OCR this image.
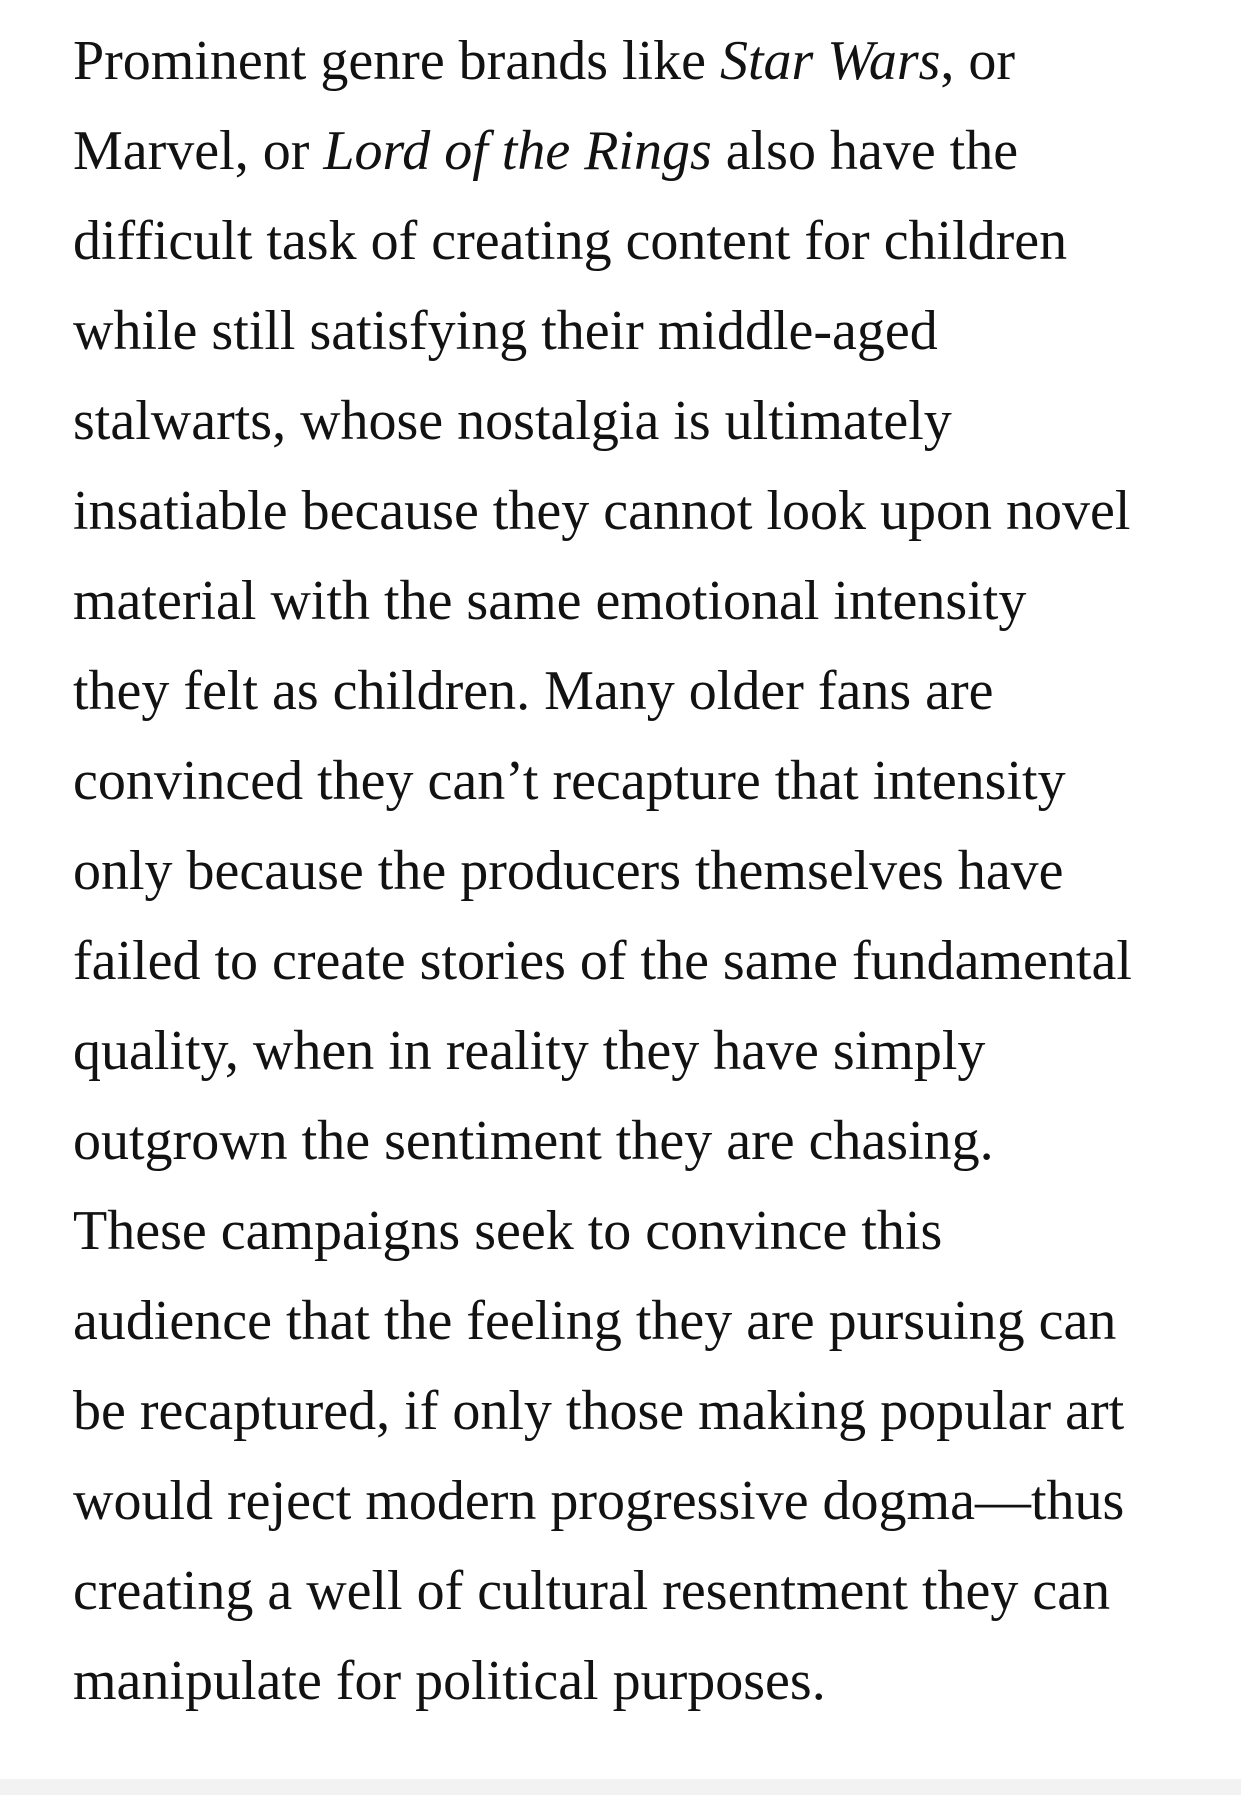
Prominent genre brands like Star Wars, or
Marvel, or Lord of the Rings also have the
difficult task of creating content for children
while still satisfying their middle-aged
stalwarts, whose nostalgia is ultimately
insatiable because they cannot look upon novel
material with the same emotional intensity
they felt as children. Many older fans are
convinced they can’t recapture that intensity
only because the producers themselves have
failed to create stories of the same fundamental
quality, when in reality they have simply
outgrown the sentiment they are chasing.
These campaigns seek to convince this
audience that the feeling they are pursuing can
be recaptured, if only those making popular art
would reject modern progressive dogma—thus
creating a well of cultural resentment they can
manipulate for political purposes.
